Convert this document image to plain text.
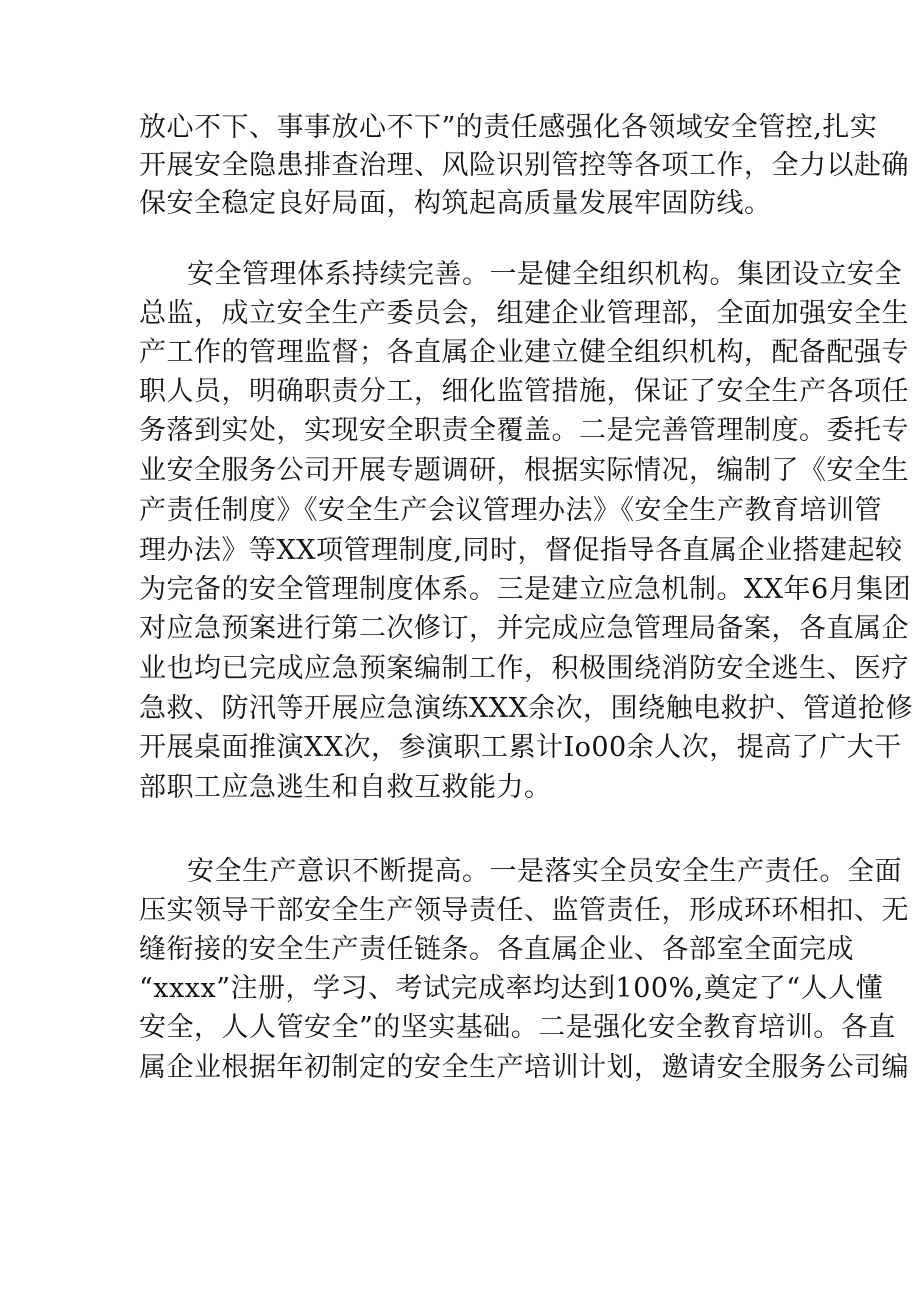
放心不下、事事放心不下”的责任感强化各领域安全管控,扎实
开展安全隐患排查治理、风险识别管控等各项工作，全力以赴确
保安全稳定良好局面，构筑起高质量发展牢固防线。
安全管理体系持续完善。一是健全组织机构。集团设立安全
总监，成立安全生产委员会，组建企业管理部，全面加强安全生
产工作的管理监督；各直属企业建立健全组织机构，配备配强专
职人员，明确职责分工，细化监管措施，保证了安全生产各项任
务落到实处，实现安全职责全覆盖。二是完善管理制度。委托专
业安全服务公司开展专题调研，根据实际情况，编制了《安全生
产责任制度》《安全生产会议管理办法》《安全生产教育培训管
理办法》等XX项管理制度,同时，督促指导各直属企业搭建起较
为完备的安全管理制度体系。三是建立应急机制。XX年6月集团
对应急预案进行第二次修订，并完成应急管理局备案，各直属企
业也均已完成应急预案编制工作，积极围绕消防安全逃生、医疗
急救、防汛等开展应急演练XXX余次，围绕触电救护、管道抢修
开展桌面推演XX次，参演职工累计Io00余人次，提高了广大干
部职工应急逃生和自救互救能力。
安全生产意识不断提高。一是落实全员安全生产责任。全面
压实领导干部安全生产领导责任、监管责任，形成环环相扣、无
缝衔接的安全生产责任链条。各直属企业、各部室全面完成
“xxxx”注册，学习、考试完成率均达到100%,奠定了“人人懂
安全，人人管安全”的坚实基础。二是强化安全教育培训。各直
属企业根据年初制定的安全生产培训计划，邀请安全服务公司编
